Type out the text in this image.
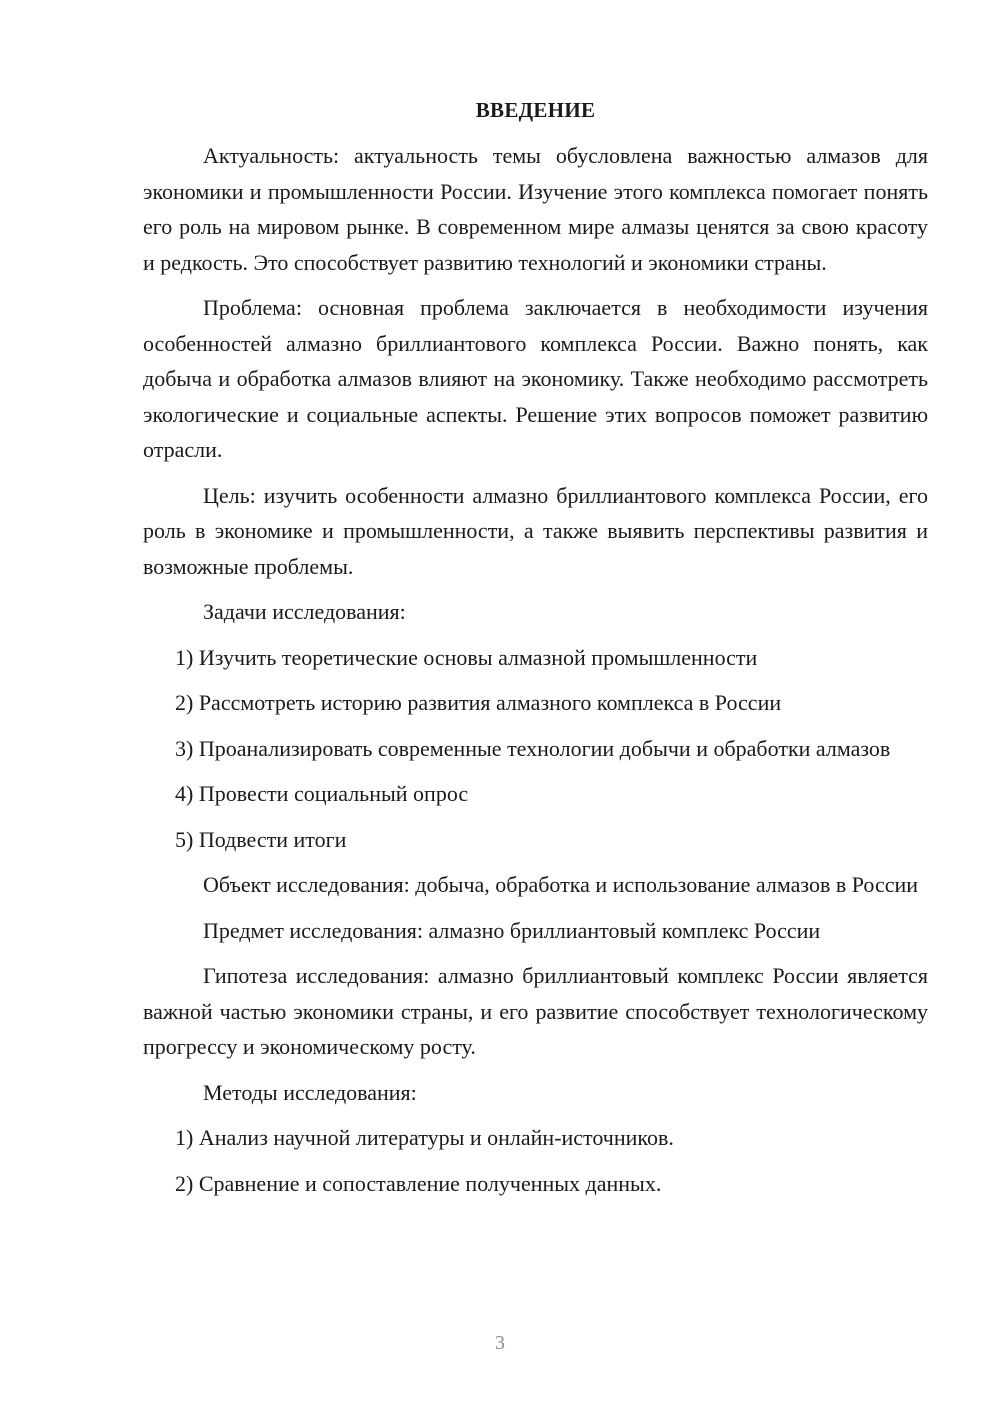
ВВЕДЕНИЕ

Актуальность: актуальность темы обусловлена важностью алмазов для экономики и промышленности России. Изучение этого комплекса помогает понять его роль на мировом рынке. В современном мире алмазы ценятся за свою красоту и редкость. Это способствует развитию технологий и экономики страны.

Проблема: основная проблема заключается в необходимости изучения особенностей алмазно бриллиантового комплекса России. Важно понять, как добыча и обработка алмазов влияют на экономику. Также необходимо рассмотреть экологические и социальные аспекты. Решение этих вопросов поможет развитию отрасли.

Цель: изучить особенности алмазно бриллиантового комплекса России, его роль в экономике и промышленности, а также выявить перспективы развития и возможные проблемы.

Задачи исследования:

1) Изучить теоретические основы алмазной промышленности

2) Рассмотреть историю развития алмазного комплекса в России

3) Проанализировать современные технологии добычи и обработки алмазов

4) Провести социальный опрос

5) Подвести итоги

Объект исследования: добыча, обработка и использование алмазов в России

Предмет исследования: алмазно бриллиантовый комплекс России

Гипотеза исследования: алмазно бриллиантовый комплекс России является важной частью экономики страны, и его развитие способствует технологическому прогрессу и экономическому росту.

Методы исследования:

1) Анализ научной литературы и онлайн-источников.

2) Сравнение и сопоставление полученных данных.

3
